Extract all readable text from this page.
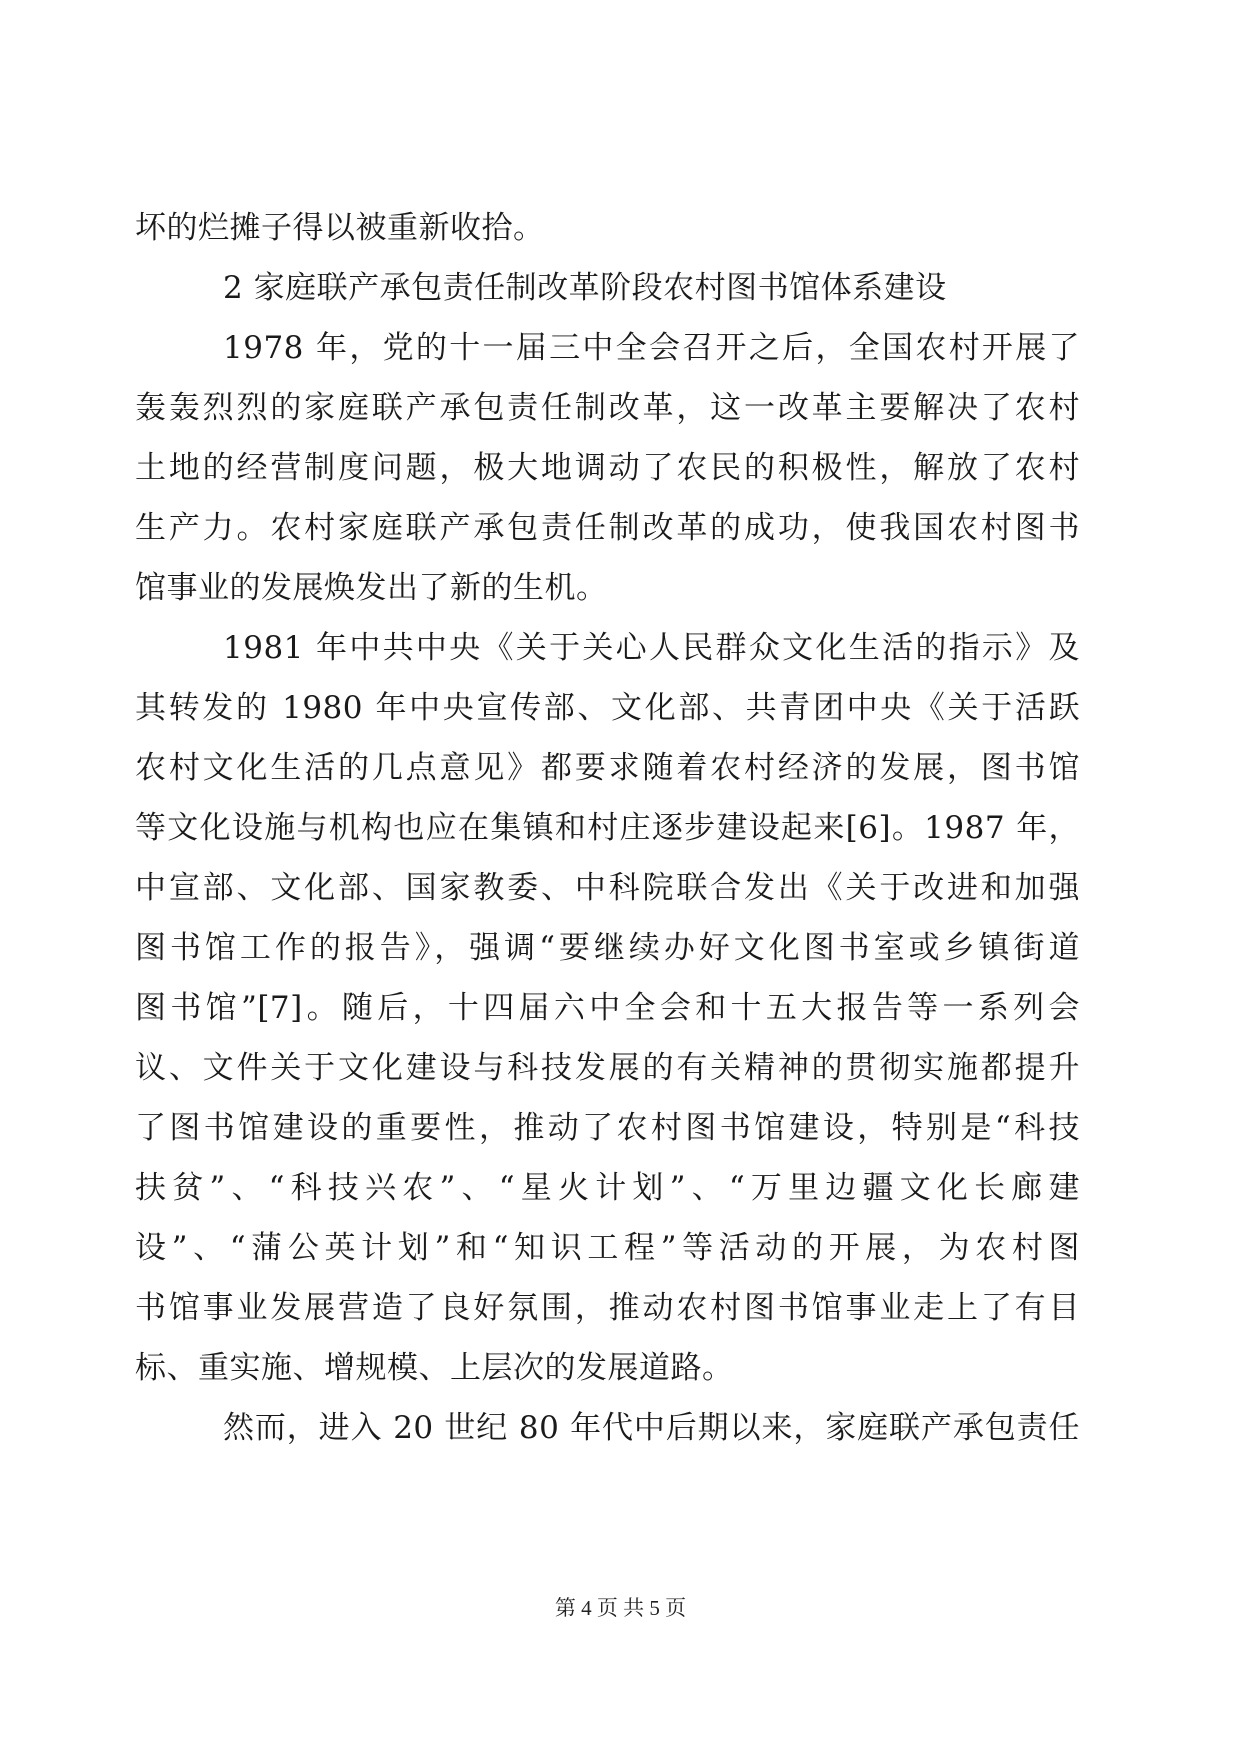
坏的烂摊子得以被重新收拾。
2 家庭联产承包责任制改革阶段农村图书馆体系建设
1978 年，党的十一届三中全会召开之后，全国农村开展了
轰轰烈烈的家庭联产承包责任制改革，这一改革主要解决了农村
土地的经营制度问题，极大地调动了农民的积极性，解放了农村
生产力。农村家庭联产承包责任制改革的成功，使我国农村图书
馆事业的发展焕发出了新的生机。
1981 年中共中央《关于关心人民群众文化生活的指示》及
其转发的 1980 年中央宣传部、文化部、共青团中央《关于活跃
农村文化生活的几点意见》都要求随着农村经济的发展，图书馆
等文化设施与机构也应在集镇和村庄逐步建设起来[6]。1987 年，
中宣部、文化部、国家教委、中科院联合发出《关于改进和加强
图书馆工作的报告》，强调“要继续办好文化图书室或乡镇街道
图书馆”[7]。随后，十四届六中全会和十五大报告等一系列会
议、文件关于文化建设与科技发展的有关精神的贯彻实施都提升
了图书馆建设的重要性，推动了农村图书馆建设，特别是“科技
扶贫”、“科技兴农”、“星火计划”、“万里边疆文化长廊建
设”、“蒲公英计划”和“知识工程”等活动的开展，为农村图
书馆事业发展营造了良好氛围，推动农村图书馆事业走上了有目
标、重实施、增规模、上层次的发展道路。
然而，进入 20 世纪 80 年代中后期以来，家庭联产承包责任
第 4 页 共 5 页
